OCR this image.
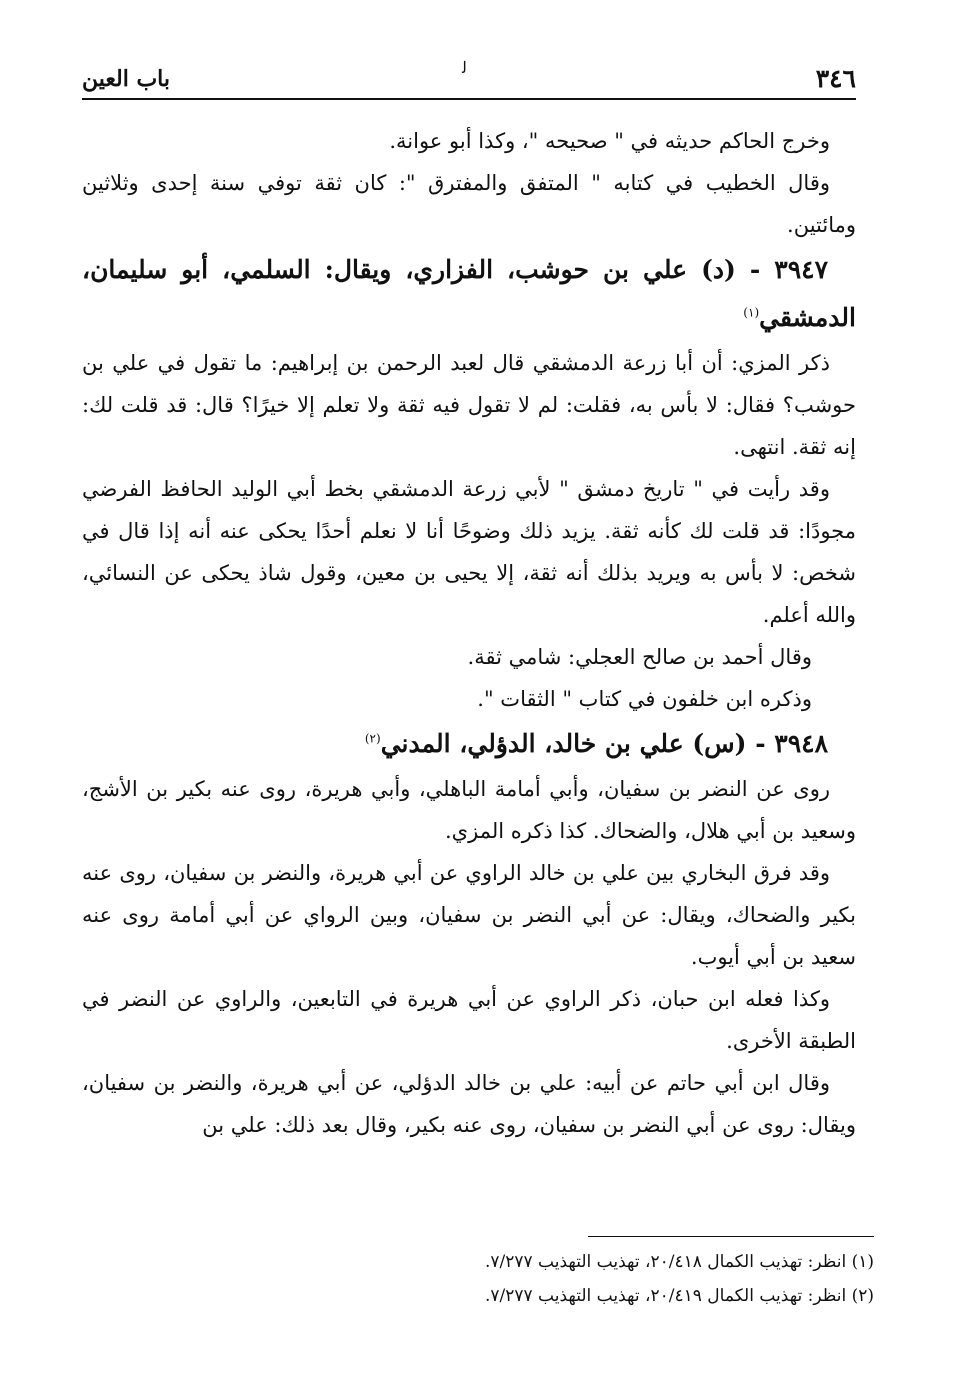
٣٤٦
ﻟ
باب العين

وخرج الحاكم حديثه في " صحيحه "، وكذا أبو عوانة.

وقال الخطيب في كتابه " المتفق والمفترق ": كان ثقة توفي سنة إحدى وثلاثين ومائتين.

٣٩٤٧ - (د) علي بن حوشب، الفزاري، ويقال: السلمي، أبو سليمان، الدمشقي$^{(١)}$

ذكر المزي: أن أبا زرعة الدمشقي قال لعبد الرحمن بن إبراهيم: ما تقول في علي بن حوشب؟ فقال: لا بأس به، فقلت: لم لا تقول فيه ثقة ولا تعلم إلا خيرًا؟ قال: قد قلت لك: إنه ثقة. انتهى.

وقد رأيت في " تاريخ دمشق " لأبي زرعة الدمشقي بخط أبي الوليد الحافظ الفرضي مجودًا: قد قلت لك كأنه ثقة. يزيد ذلك وضوحًا أنا لا نعلم أحدًا يحكى عنه أنه إذا قال في شخص: لا بأس به ويريد بذلك أنه ثقة، إلا يحيى بن معين، وقول شاذ يحكى عن النسائي، والله أعلم.

وقال أحمد بن صالح العجلي: شامي ثقة.

وذكره ابن خلفون في كتاب " الثقات ".

٣٩٤٨ - (س) علي بن خالد، الدؤلي، المدني$^{(٢)}$

روى عن النضر بن سفيان، وأبي أمامة الباهلي، وأبي هريرة، روى عنه بكير بن الأشج، وسعيد بن أبي هلال، والضحاك. كذا ذكره المزي.

وقد فرق البخاري بين علي بن خالد الراوي عن أبي هريرة، والنضر بن سفيان، روى عنه بكير والضحاك، ويقال: عن أبي النضر بن سفيان، وبين الرواي عن أبي أمامة روى عنه سعيد بن أبي أيوب.

وكذا فعله ابن حبان، ذكر الراوي عن أبي هريرة في التابعين، والراوي عن النضر في الطبقة الأخرى.

وقال ابن أبي حاتم عن أبيه: علي بن خالد الدؤلي، عن أبي هريرة، والنضر بن سفيان، ويقال: روى عن أبي النضر بن سفيان، روى عنه بكير، وقال بعد ذلك: علي بن

(١) انظر: تهذيب الكمال ٢٠/٤١٨، تهذيب التهذيب ٧/٢٧٧.

(٢) انظر: تهذيب الكمال ٢٠/٤١٩، تهذيب التهذيب ٧/٢٧٧.
